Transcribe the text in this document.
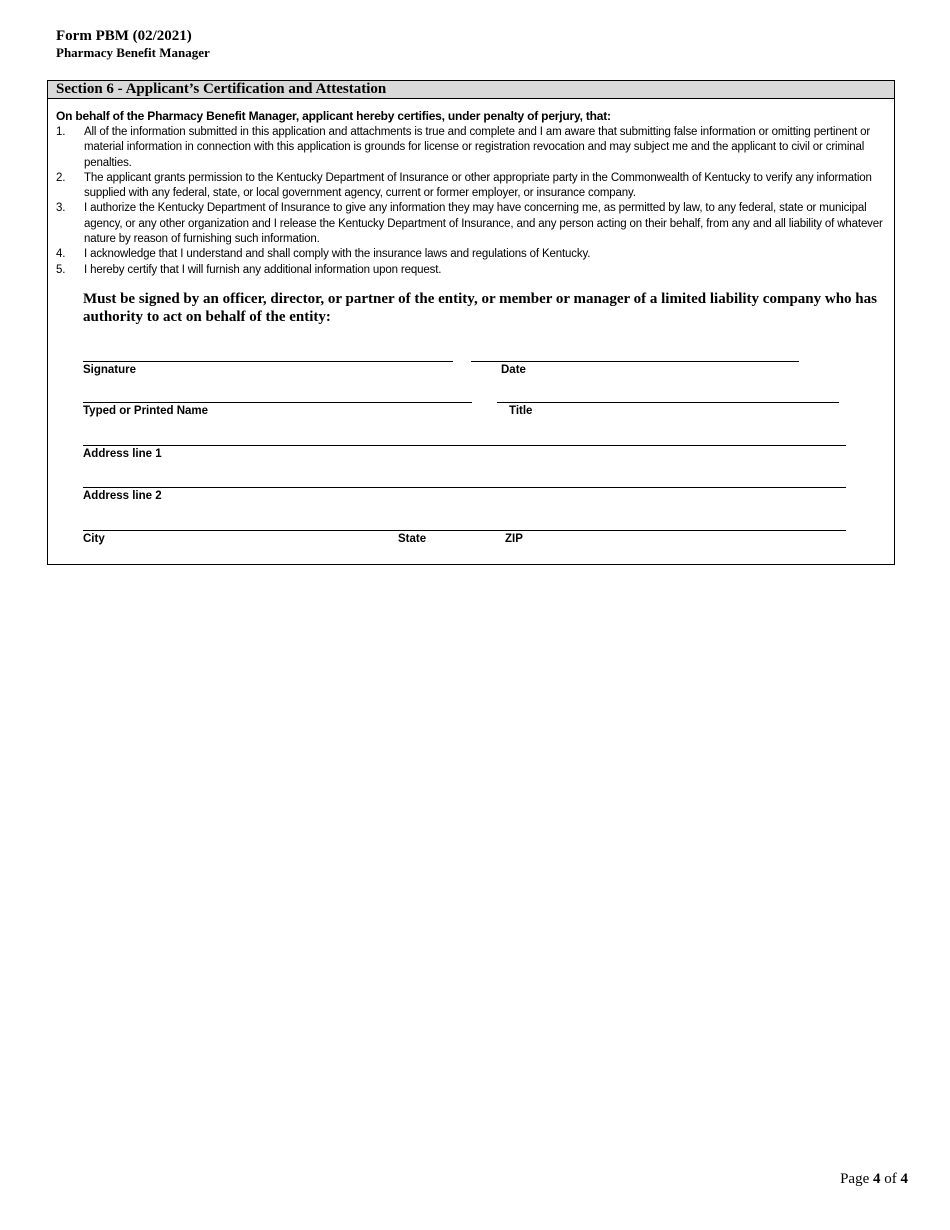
Form PBM (02/2021)
Pharmacy Benefit Manager
Section 6 - Applicant’s Certification and Attestation
On behalf of the Pharmacy Benefit Manager, applicant hereby certifies, under penalty of perjury, that:
1. All of the information submitted in this application and attachments is true and complete and I am aware that submitting false information or omitting pertinent or material information in connection with this application is grounds for license or registration revocation and may subject me and the applicant to civil or criminal penalties.
2. The applicant grants permission to the Kentucky Department of Insurance or other appropriate party in the Commonwealth of Kentucky to verify any information supplied with any federal, state, or local government agency, current or former employer, or insurance company.
3. I authorize the Kentucky Department of Insurance to give any information they may have concerning me, as permitted by law, to any federal, state or municipal agency, or any other organization and I release the Kentucky Department of Insurance, and any person acting on their behalf, from any and all liability of whatever nature by reason of furnishing such information.
4. I acknowledge that I understand and shall comply with the insurance laws and regulations of Kentucky.
5. I hereby certify that I will furnish any additional information upon request.
Must be signed by an officer, director, or partner of the entity, or member or manager of a limited liability company who has authority to act on behalf of the entity:
Signature	Date
Typed or Printed Name	Title
Address line 1
Address line 2
City	State	ZIP
Page 4 of 4
